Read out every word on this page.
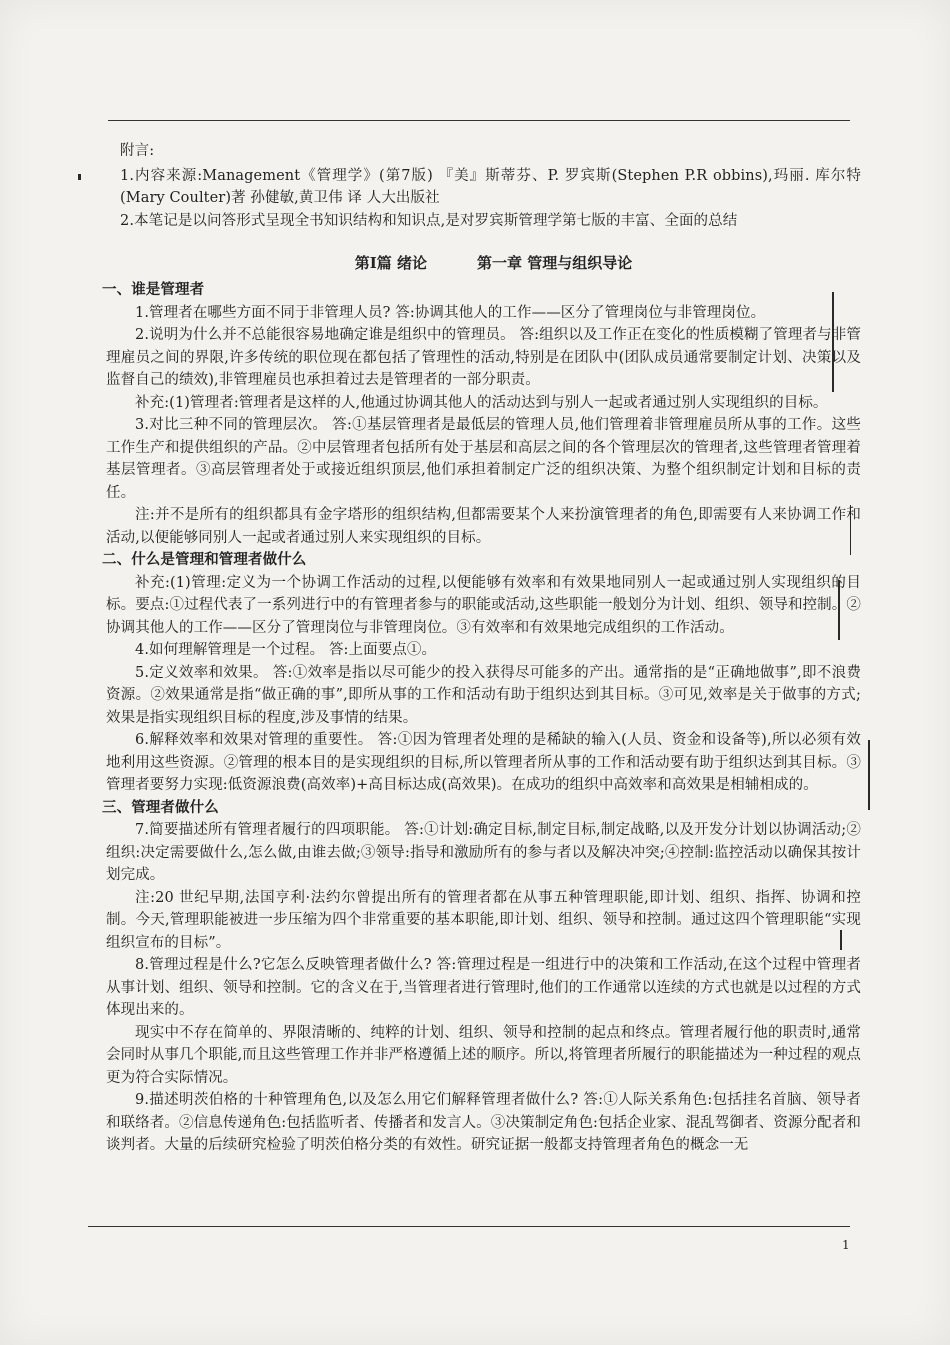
附言:

1.内容来源:Management《管理学》(第7版) 『美』斯蒂芬、P. 罗宾斯(Stephen P.R obbins),玛丽. 库尔特(Mary Coulter)著 孙健敏,黄卫伟 译 人大出版社

2.本笔记是以问答形式呈现全书知识结构和知识点,是对罗宾斯管理学第七版的丰富、全面的总结

第Ⅰ篇 绪论	第一章 管理与组织导论

一、谁是管理者

1.管理者在哪些方面不同于非管理人员? 答:协调其他人的工作——区分了管理岗位与非管理岗位。

2.说明为什么并不总能很容易地确定谁是组织中的管理员。 答:组织以及工作正在变化的性质模糊了管理者与非管理雇员之间的界限,许多传统的职位现在都包括了管理性的活动,特别是在团队中(团队成员通常要制定计划、决策以及监督自己的绩效),非管理雇员也承担着过去是管理者的一部分职责。

补充:(1)管理者:管理者是这样的人,他通过协调其他人的活动达到与别人一起或者通过别人实现组织的目标。

3.对比三种不同的管理层次。 答:①基层管理者是最低层的管理人员,他们管理着非管理雇员所从事的工作。这些工作生产和提供组织的产品。②中层管理者包括所有处于基层和高层之间的各个管理层次的管理者,这些管理者管理着基层管理者。③高层管理者处于或接近组织顶层,他们承担着制定广泛的组织决策、为整个组织制定计划和目标的责任。

注:并不是所有的组织都具有金字塔形的组织结构,但都需要某个人来扮演管理者的角色,即需要有人来协调工作和活动,以便能够同别人一起或者通过别人来实现组织的目标。

二、什么是管理和管理者做什么

补充:(1)管理:定义为一个协调工作活动的过程,以便能够有效率和有效果地同别人一起或通过别人实现组织的目标。要点:①过程代表了一系列进行中的有管理者参与的职能或活动,这些职能一般划分为计划、组织、领导和控制。②协调其他人的工作——区分了管理岗位与非管理岗位。③有效率和有效果地完成组织的工作活动。

4.如何理解管理是一个过程。 答:上面要点①。

5.定义效率和效果。 答:①效率是指以尽可能少的投入获得尽可能多的产出。通常指的是“正确地做事”,即不浪费资源。②效果通常是指“做正确的事”,即所从事的工作和活动有助于组织达到其目标。③可见,效率是关于做事的方式;效果是指实现组织目标的程度,涉及事情的结果。

6.解释效率和效果对管理的重要性。 答:①因为管理者处理的是稀缺的输入(人员、资金和设备等),所以必须有效地利用这些资源。②管理的根本目的是实现组织的目标,所以管理者所从事的工作和活动要有助于组织达到其目标。③管理者要努力实现:低资源浪费(高效率)+高目标达成(高效果)。在成功的组织中高效率和高效果是相辅相成的。

三、管理者做什么

7.简要描述所有管理者履行的四项职能。 答:①计划:确定目标,制定目标,制定战略,以及开发分计划以协调活动;②组织:决定需要做什么,怎么做,由谁去做;③领导:指导和激励所有的参与者以及解决冲突;④控制:监控活动以确保其按计划完成。

注:20 世纪早期,法国亨利·法约尔曾提出所有的管理者都在从事五种管理职能,即计划、组织、指挥、协调和控制。今天,管理职能被进一步压缩为四个非常重要的基本职能,即计划、组织、领导和控制。通过这四个管理职能“实现组织宣布的目标”。

8.管理过程是什么?它怎么反映管理者做什么? 答:管理过程是一组进行中的决策和工作活动,在这个过程中管理者从事计划、组织、领导和控制。它的含义在于,当管理者进行管理时,他们的工作通常以连续的方式也就是以过程的方式体现出来的。

现实中不存在简单的、界限清晰的、纯粹的计划、组织、领导和控制的起点和终点。管理者履行他的职责时,通常会同时从事几个职能,而且这些管理工作并非严格遵循上述的顺序。所以,将管理者所履行的职能描述为一种过程的观点更为符合实际情况。

9.描述明茨伯格的十种管理角色,以及怎么用它们解释管理者做什么? 答:①人际关系角色:包括挂名首脑、领导者和联络者。②信息传递角色:包括监听者、传播者和发言人。③决策制定角色:包括企业家、混乱驾御者、资源分配者和谈判者。大量的后续研究检验了明茨伯格分类的有效性。研究证据一般都支持管理者角色的概念一无

1
